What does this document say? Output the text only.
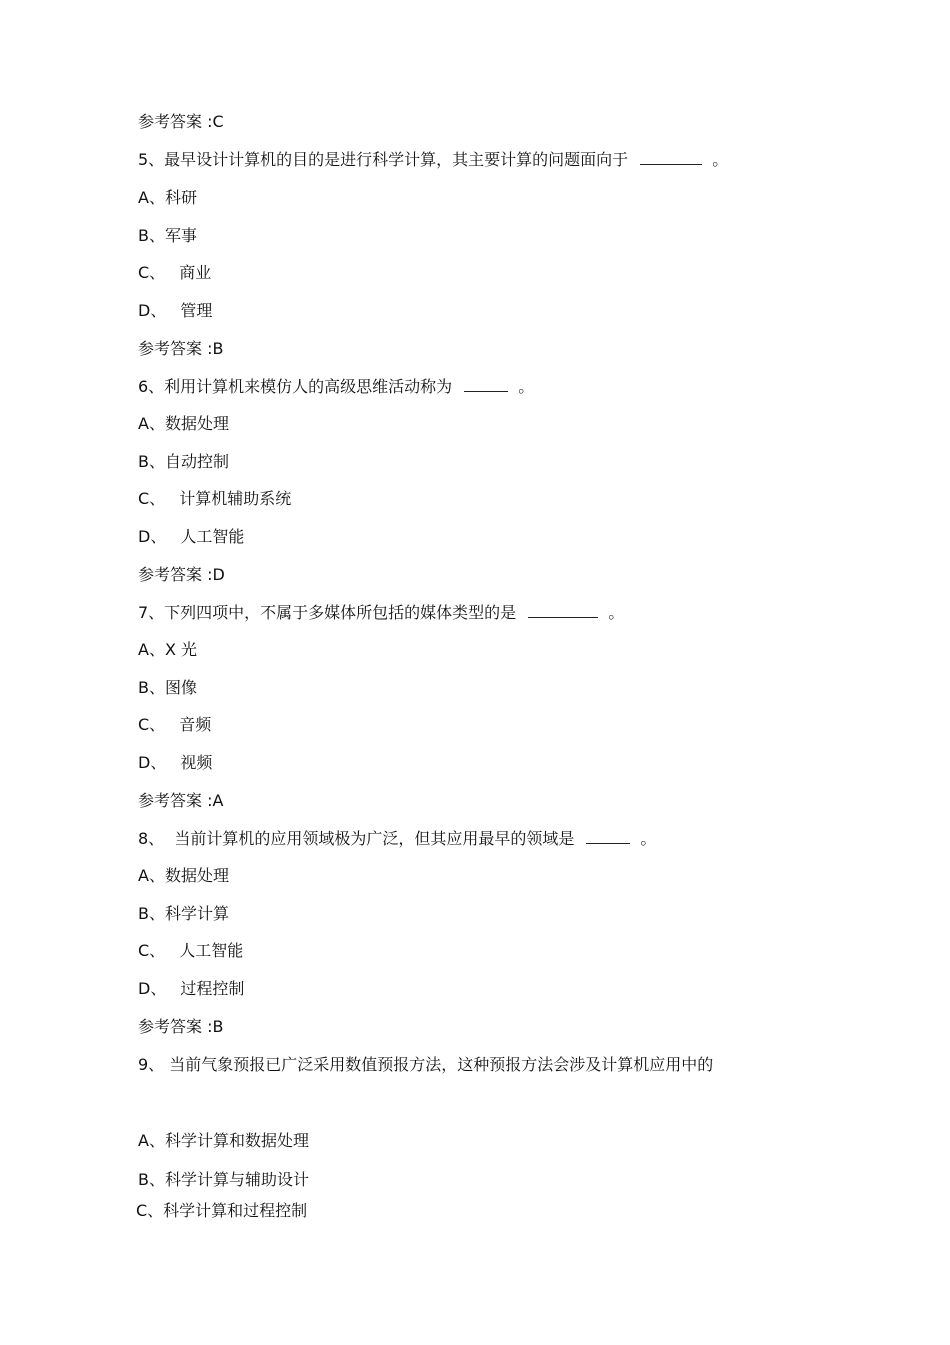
参考答案 :C
5、最早设计计算机的目的是进行科学计算，其主要计算的问题面向于	。
A、科研
B、军事
C、 商业
D、 管理
参考答案 :B
6、利用计算机来模仿人的高级思维活动称为	。
A、数据处理
B、自动控制
C、 计算机辅助系统
D、 人工智能
参考答案 :D
7、下列四项中，不属于多媒体所包括的媒体类型的是	。
A、X 光
B、图像
C、 音频
D、 视频
参考答案 :A
8、  当前计算机的应用领域极为广泛，但其应用最早的领域是	。
A、数据处理
B、科学计算
C、 人工智能
D、 过程控制
参考答案 :B
9、 当前气象预报已广泛采用数值预报方法，这种预报方法会涉及计算机应用中的
A、科学计算和数据处理
B、科学计算与辅助设计
C、科学计算和过程控制
